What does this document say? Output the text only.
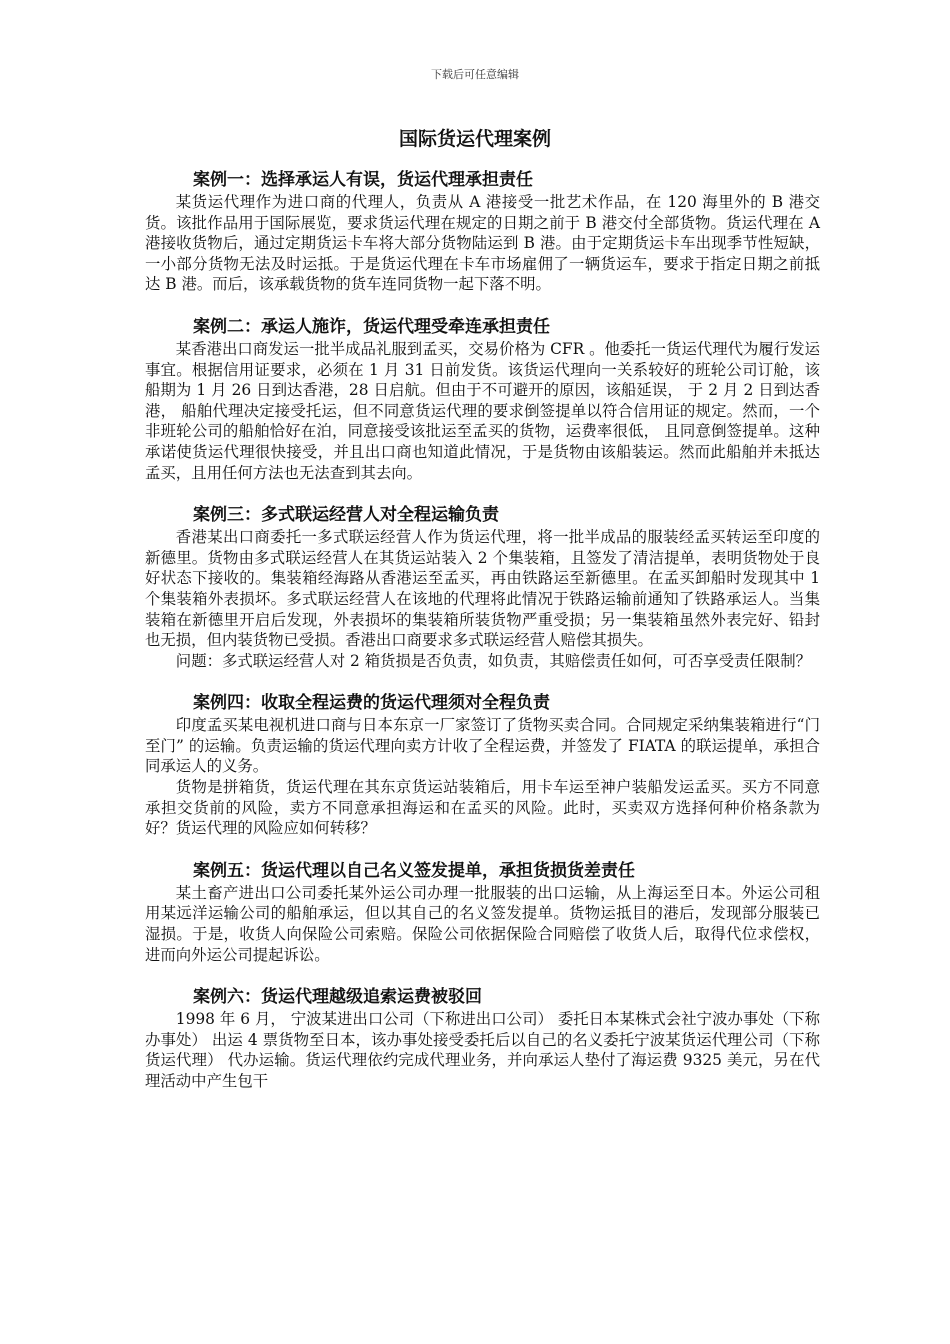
下载后可任意编辑
国际货运代理案例
案例一：选择承运人有误，货运代理承担责任

某货运代理作为进口商的代理人，负责从 A 港接受一批艺术作品，在 120 海里外的 B 港交货。该批作品用于国际展览，要求货运代理在规定的日期之前于 B 港交付全部货物。货运代理在 A 港接收货物后，通过定期货运卡车将大部分货物陆运到 B 港。由于定期货运卡车出现季节性短缺，一小部分货物无法及时运抵。于是货运代理在卡车市场雇佣了一辆货运车，要求于指定日期之前抵达 B 港。而后，该承载货物的货车连同货物一起下落不明。

案例二：承运人施诈，货运代理受牵连承担责任

某香港出口商发运一批半成品礼服到孟买，交易价格为 CFR 。他委托一货运代理代为履行发运事宜。根据信用证要求，必须在 1 月 31 日前发货。该货运代理向一关系较好的班轮公司订舱，该船期为 1 月 26 日到达香港，28 日启航。但由于不可避开的原因，该船延误， 于 2 月 2 日到达香港， 船舶代理决定接受托运，但不同意货运代理的要求倒签提单以符合信用证的规定。然而，一个非班轮公司的船舶恰好在泊，同意接受该批运至孟买的货物，运费率很低， 且同意倒签提单。这种承诺使货运代理很快接受，并且出口商也知道此情况，于是货物由该船装运。然而此船舶并未抵达孟买，且用任何方法也无法查到其去向。

案例三：多式联运经营人对全程运输负责

香港某出口商委托一多式联运经营人作为货运代理，将一批半成品的服装经孟买转运至印度的新德里。货物由多式联运经营人在其货运站装入 2 个集装箱，且签发了清洁提单，表明货物处于良好状态下接收的。集装箱经海路从香港运至孟买，再由铁路运至新德里。在孟买卸船时发现其中 1 个集装箱外表损坏。多式联运经营人在该地的代理将此情况于铁路运输前通知了铁路承运人。当集装箱在新德里开启后发现，外表损坏的集装箱所装货物严重受损；另一集装箱虽然外表完好、铅封也无损，但内装货物已受损。香港出口商要求多式联运经营人赔偿其损失。

问题：多式联运经营人对 2 箱货损是否负责，如负责，其赔偿责任如何，可否享受责任限制？

案例四：收取全程运费的货运代理须对全程负责

印度孟买某电视机进口商与日本东京一厂家签订了货物买卖合同。合同规定采纳集装箱进行“门至门” 的运输。负责运输的货运代理向卖方计收了全程运费，并签发了 FIATA 的联运提单，承担合同承运人的义务。

货物是拼箱货，货运代理在其东京货运站装箱后，用卡车运至神户装船发运孟买。买方不同意承担交货前的风险，卖方不同意承担海运和在孟买的风险。此时，买卖双方选择何种价格条款为好？货运代理的风险应如何转移？

案例五：货运代理以自己名义签发提单，承担货损货差责任

某土畜产进出口公司委托某外运公司办理一批服装的出口运输，从上海运至日本。外运公司租用某远洋运输公司的船舶承运，但以其自己的名义签发提单。货物运抵目的港后，发现部分服装已湿损。于是，收货人向保险公司索赔。保险公司依据保险合同赔偿了收货人后，取得代位求偿权，进而向外运公司提起诉讼。

案例六：货运代理越级追索运费被驳回

1998 年 6 月， 宁波某进出口公司（下称进出口公司） 委托日本某株式会社宁波办事处（下称办事处） 出运 4 票货物至日本，该办事处接受委托后以自己的名义委托宁波某货运代理公司（下称货运代理） 代办运输。货运代理依约完成代理业务，并向承运人垫付了海运费 9325 美元，另在代理活动中产生包干
